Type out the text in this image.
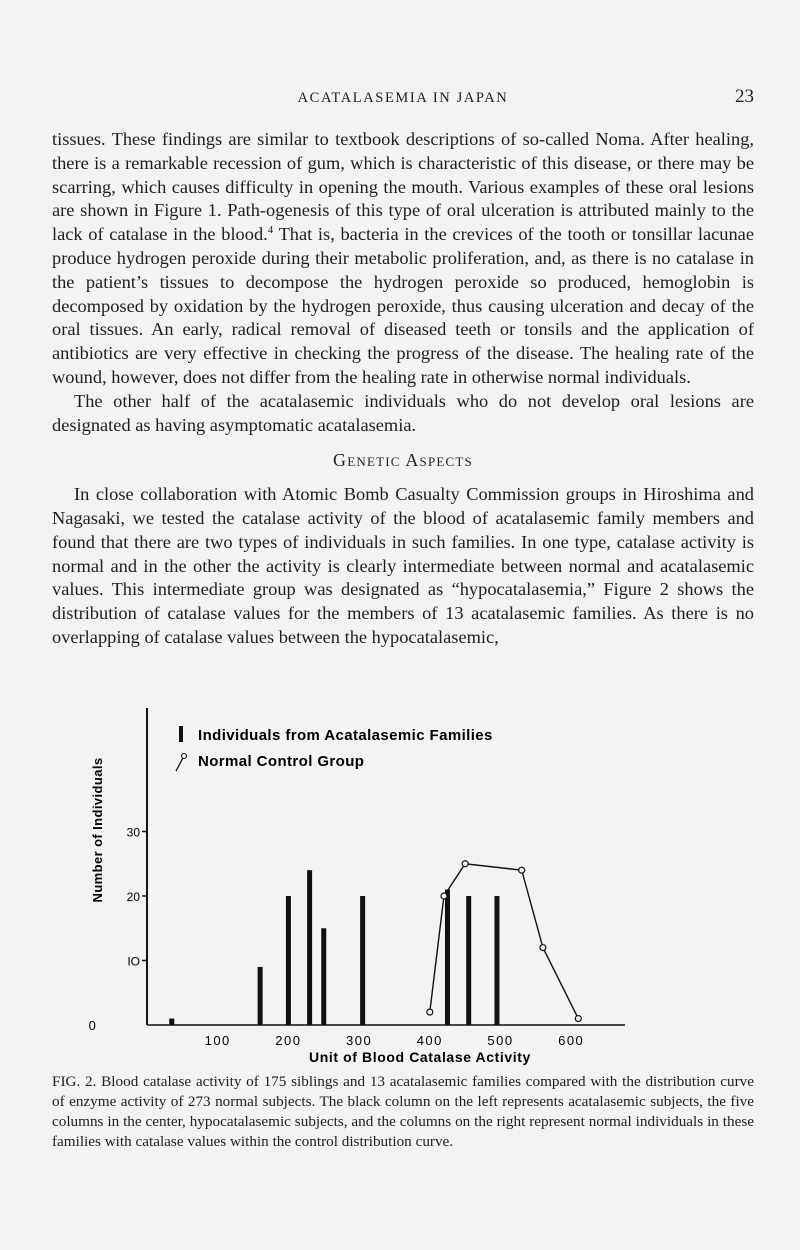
ACATALASEMIA IN JAPAN	23

tissues. These findings are similar to textbook descriptions of so-called Noma. After healing, there is a remarkable recession of gum, which is characteristic of this disease, or there may be scarring, which causes difficulty in opening the mouth. Various examples of these oral lesions are shown in Figure 1. Path-ogenesis of this type of oral ulceration is attributed mainly to the lack of catalase in the blood.$^4$ That is, bacteria in the crevices of the tooth or tonsillar lacunae produce hydrogen peroxide during their metabolic proliferation, and, as there is no catalase in the patient’s tissues to decompose the hydrogen peroxide so produced, hemoglobin is decomposed by oxidation by the hydrogen peroxide, thus causing ulceration and decay of the oral tissues. An early, radical removal of diseased teeth or tonsils and the application of antibiotics are very effective in checking the progress of the disease. The healing rate of the wound, however, does not differ from the healing rate in otherwise normal individuals.

The other half of the acatalasemic individuals who do not develop oral lesions are designated as having asymptomatic acatalasemia.

Genetic Aspects

In close collaboration with Atomic Bomb Casualty Commission groups in Hiroshima and Nagasaki, we tested the catalase activity of the blood of acatalasemic family members and found that there are two types of individuals in such families. In one type, catalase activity is normal and in the other the activity is clearly intermediate between normal and acatalasemic values. This intermediate group was designated as “hypocatalasemia,” Figure 2 shows the distribution of catalase values for the members of 13 acatalasemic families. As there is no overlapping of catalase values between the hypocatalasemic,

IO
20
30
0
100	200	300	400	500	600
Unit of Blood Catalase Activity
Number of Individuals
Individuals from Acatalasemic Families
Normal Control Group
FIG. 2. Blood catalase activity of 175 siblings and 13 acatalasemic families compared with the distribution curve of enzyme activity of 273 normal subjects. The black column on the left represents acatalasemic subjects, the five columns in the center, hypocatalasemic subjects, and the columns on the right represent normal individuals in these families with catalase values within the control distribution curve.
